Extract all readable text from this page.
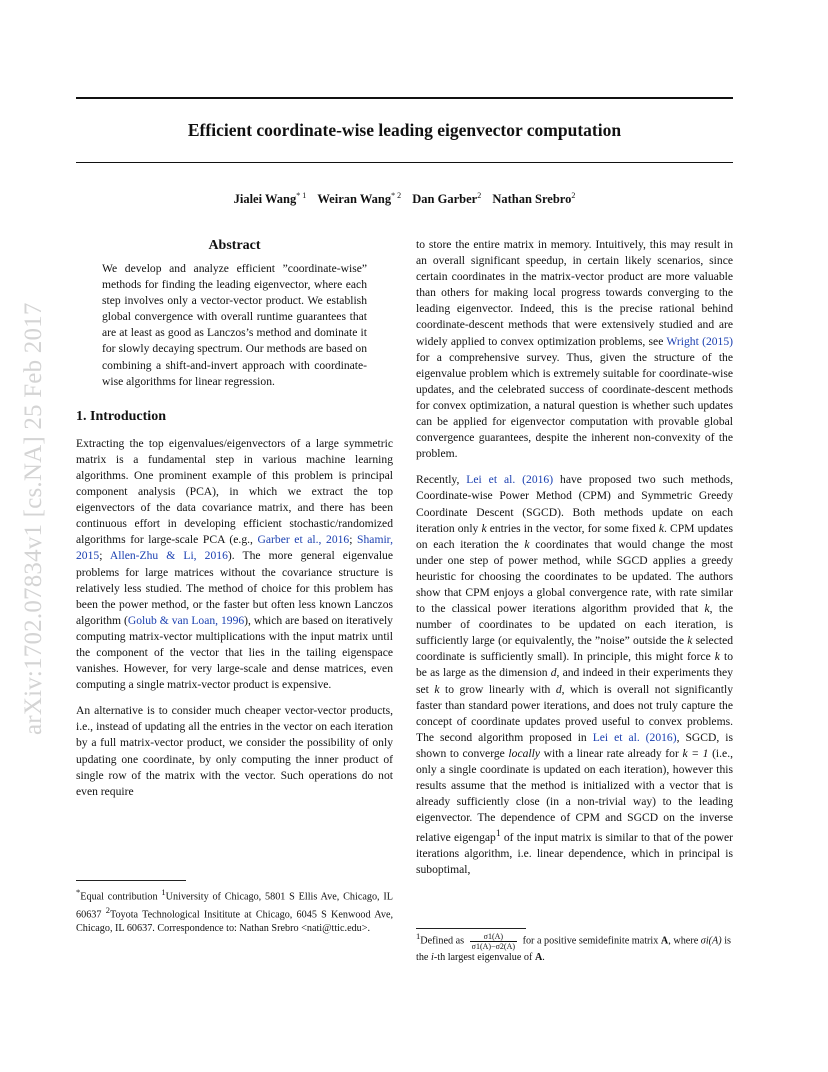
Efficient coordinate-wise leading eigenvector computation
Jialei Wang$^{* 1}$ Weiran Wang$^{* 2}$ Dan Garber$^2$ Nathan Srebro$^2$
arXiv:1702.07834v1 [cs.NA] 25 Feb 2017
Abstract
We develop and analyze efficient ”coordinate-wise” methods for finding the leading eigenvector, where each step involves only a vector-vector product. We establish global convergence with overall runtime guarantees that are at least as good as Lanczos’s method and dominate it for slowly decaying spectrum. Our methods are based on combining a shift-and-invert approach with coordinate-wise algorithms for linear regression.
1. Introduction

Extracting the top eigenvalues/eigenvectors of a large symmetric matrix is a fundamental step in various machine learning algorithms. One prominent example of this problem is principal component analysis (PCA), in which we extract the top eigenvectors of the data covariance matrix, and there has been continuous effort in developing efficient stochastic/randomized algorithms for large-scale PCA (e.g., Garber et al., 2016; Shamir, 2015; Allen-Zhu & Li, 2016). The more general eigenvalue problems for large matrices without the covariance structure is relatively less studied. The method of choice for this problem has been the power method, or the faster but often less known Lanczos algorithm (Golub & van Loan, 1996), which are based on iteratively computing matrix-vector multiplications with the input matrix until the component of the vector that lies in the tailing eigenspace vanishes. However, for very large-scale and dense matrices, even computing a single matrix-vector product is expensive.

An alternative is to consider much cheaper vector-vector products, i.e., instead of updating all the entries in the vector on each iteration by a full matrix-vector product, we consider the possibility of only updating one coordinate, by only computing the inner product of single row of the matrix with the vector. Such operations do not even require

*Equal contribution $^1$University of Chicago, 5801 S Ellis Ave, Chicago, IL 60637 $^2$Toyota Technological Insititute at Chicago, 6045 S Kenwood Ave, Chicago, IL 60637. Correspondence to: Nathan Srebro <nati@ttic.edu>.

to store the entire matrix in memory. Intuitively, this may result in an overall significant speedup, in certain likely scenarios, since certain coordinates in the matrix-vector product are more valuable than others for making local progress towards converging to the leading eigenvector. Indeed, this is the precise rational behind coordinate-descent methods that were extensively studied and are widely applied to convex optimization problems, see Wright (2015) for a comprehensive survey. Thus, given the structure of the eigenvalue problem which is extremely suitable for coordinate-wise updates, and the celebrated success of coordinate-descent methods for convex optimization, a natural question is whether such updates can be applied for eigenvector computation with provable global convergence guarantees, despite the inherent non-convexity of the problem.

Recently, Lei et al. (2016) have proposed two such methods, Coordinate-wise Power Method (CPM) and Symmetric Greedy Coordinate Descent (SGCD). Both methods update on each iteration only k entries in the vector, for some fixed k. CPM updates on each iteration the k coordinates that would change the most under one step of power method, while SGCD applies a greedy heuristic for choosing the coordinates to be updated. The authors show that CPM enjoys a global convergence rate, with rate similar to the classical power iterations algorithm provided that k, the number of coordinates to be updated on each iteration, is sufficiently large (or equivalently, the ”noise” outside the k selected coordinate is sufficiently small). In principle, this might force k to be as large as the dimension d, and indeed in their experiments they set k to grow linearly with d, which is overall not significantly faster than standard power iterations, and does not truly capture the concept of coordinate updates proved useful to convex problems. The second algorithm proposed in Lei et al. (2016), SGCD, is shown to converge locally with a linear rate already for k = 1 (i.e., only a single coordinate is updated on each iteration), however this results assume that the method is initialized with a vector that is already sufficiently close (in a non-trivial way) to the leading eigenvector. The dependence of CPM and SGCD on the inverse relative eigengap$^1$ of the input matrix is similar to that of the power iterations algorithm, i.e. linear dependence, which in principal is suboptimal,

$^1$Defined as $\frac{\sigma 1(A)}{\sigma 1(A)-\sigma 2(A)}$ for a positive semidefinite matrix A, where σi(A) is the i-th largest eigenvalue of A.
